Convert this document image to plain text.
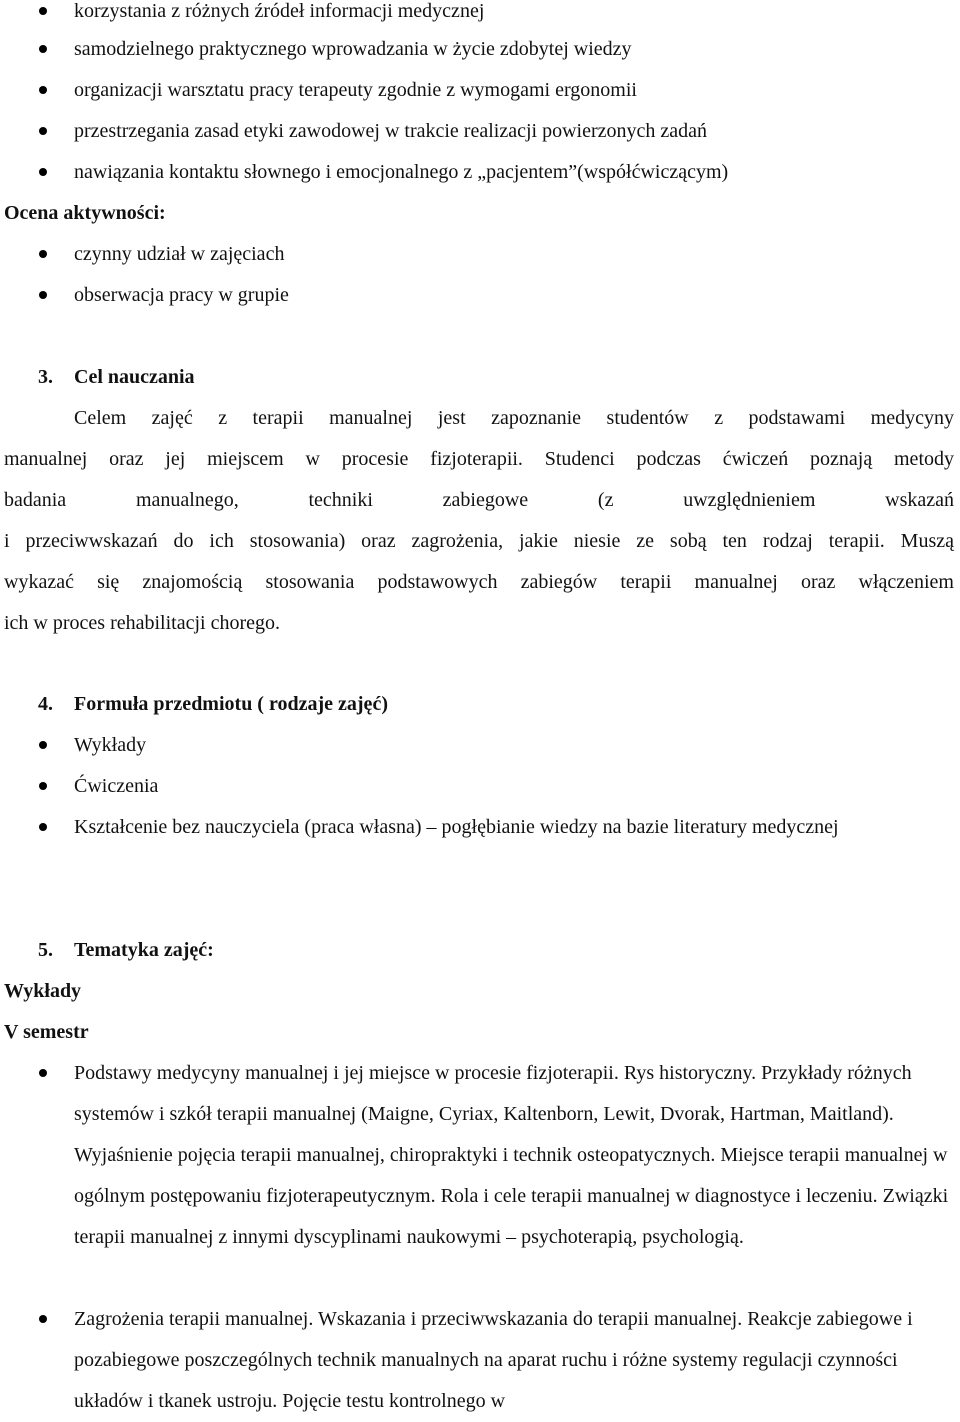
korzystania z różnych źródeł informacji medycznej
samodzielnego praktycznego wprowadzania w życie zdobytej wiedzy
organizacji warsztatu pracy terapeuty zgodnie z wymogami ergonomii
przestrzegania zasad etyki zawodowej w trakcie realizacji powierzonych zadań
nawiązania kontaktu słownego i emocjonalnego z „pacjentem”(współćwiczącym)
Ocena aktywności:
czynny udział w zajęciach
obserwacja pracy w grupie
3. Cel nauczania
Celem zajęć z terapii manualnej jest zapoznanie studentów z podstawami medycyny
manualnej oraz jej miejscem w procesie fizjoterapii. Studenci podczas ćwiczeń poznają metody
badania manualnego, techniki zabiegowe (z uwzględnieniem wskazań
i przeciwwskazań do ich stosowania) oraz zagrożenia, jakie niesie ze sobą ten rodzaj terapii. Muszą
wykazać się znajomością stosowania podstawowych zabiegów terapii manualnej oraz włączeniem
ich w proces rehabilitacji chorego.
4. Formuła przedmiotu ( rodzaje zajęć)
Wykłady
Ćwiczenia
Kształcenie bez nauczyciela (praca własna) – pogłębianie wiedzy na bazie literatury medycznej
5. Tematyka zajęć:
Wykłady
V semestr
Podstawy medycyny manualnej i jej miejsce w procesie fizjoterapii. Rys historyczny. Przykłady różnych systemów i szkół terapii manualnej (Maigne, Cyriax, Kaltenborn, Lewit, Dvorak, Hartman, Maitland). Wyjaśnienie pojęcia terapii manualnej, chiropraktyki i technik osteopatycznych. Miejsce terapii manualnej w ogólnym postępowaniu fizjoterapeutycznym. Rola i cele terapii manualnej w diagnostyce i leczeniu. Związki terapii manualnej z innymi dyscyplinami naukowymi – psychoterapią, psychologią.
Zagrożenia terapii manualnej. Wskazania i przeciwwskazania do terapii manualnej. Reakcje zabiegowe i pozabiegowe poszczególnych technik manualnych na aparat ruchu i różne systemy regulacji czynności układów i tkanek ustroju. Pojęcie testu kontrolnego w
